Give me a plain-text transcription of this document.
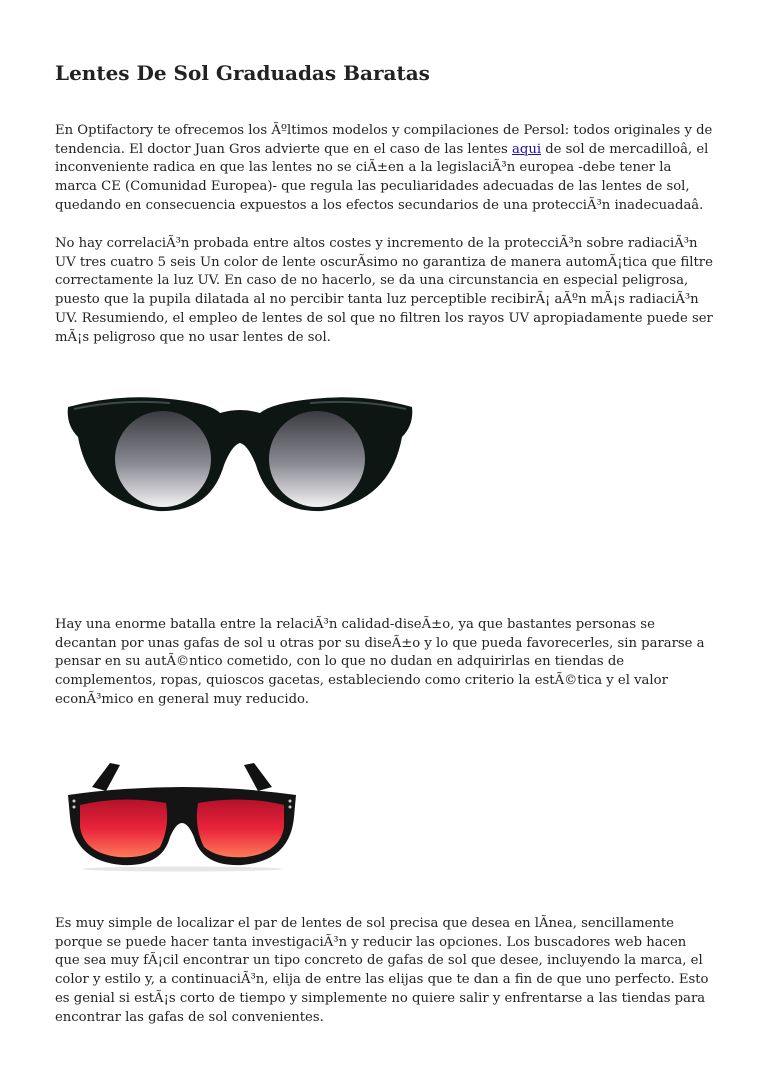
Lentes De Sol Graduadas Baratas

En Optifactory te ofrecemos los Ãºltimos modelos y compilaciones de Persol: todos originales y de tendencia. El doctor Juan Gros advierte que en el caso de las lentes aqui de sol de mercadilloâ, el inconveniente radica en que las lentes no se ciÃ±en a la legislaciÃ³n europea -debe tener la marca CE (Comunidad Europea)- que regula las peculiaridades adecuadas de las lentes de sol, quedando en consecuencia expuestos a los efectos secundarios de una protecciÃ³n inadecuadaâ.

No hay correlaciÃ³n probada entre altos costes y incremento de la protecciÃ³n sobre radiaciÃ³n UV tres cuatro 5 seis Un color de lente oscurÃsimo no garantiza de manera automÃ¡tica que filtre correctamente la luz UV. En caso de no hacerlo, se da una circunstancia en especial peligrosa, puesto que la pupila dilatada al no percibir tanta luz perceptible recibirÃ¡ aÃºn mÃ¡s radiaciÃ³n UV. Resumiendo, el empleo de lentes de sol que no filtren los rayos UV apropiadamente puede ser mÃ¡s peligroso que no usar lentes de sol.

Hay una enorme batalla entre la relaciÃ³n calidad-diseÃ±o, ya que bastantes personas se decantan por unas gafas de sol u otras por su diseÃ±o y lo que pueda favorecerles, sin pararse a pensar en su autÃ©ntico cometido, con lo que no dudan en adquirirlas en tiendas de complementos, ropas, quioscos gacetas, estableciendo como criterio la estÃ©tica y el valor econÃ³mico en general muy reducido.

Es muy simple de localizar el par de lentes de sol precisa que desea en lÃnea, sencillamente porque se puede hacer tanta investigaciÃ³n y reducir las opciones. Los buscadores web hacen que sea muy fÃ¡cil encontrar un tipo concreto de gafas de sol que desee, incluyendo la marca, el color y estilo y, a continuaciÃ³n, elija de entre las elijas que te dan a fin de que uno perfecto. Esto es genial si estÃ¡s corto de tiempo y simplemente no quiere salir y enfrentarse a las tiendas para encontrar las gafas de sol convenientes.
